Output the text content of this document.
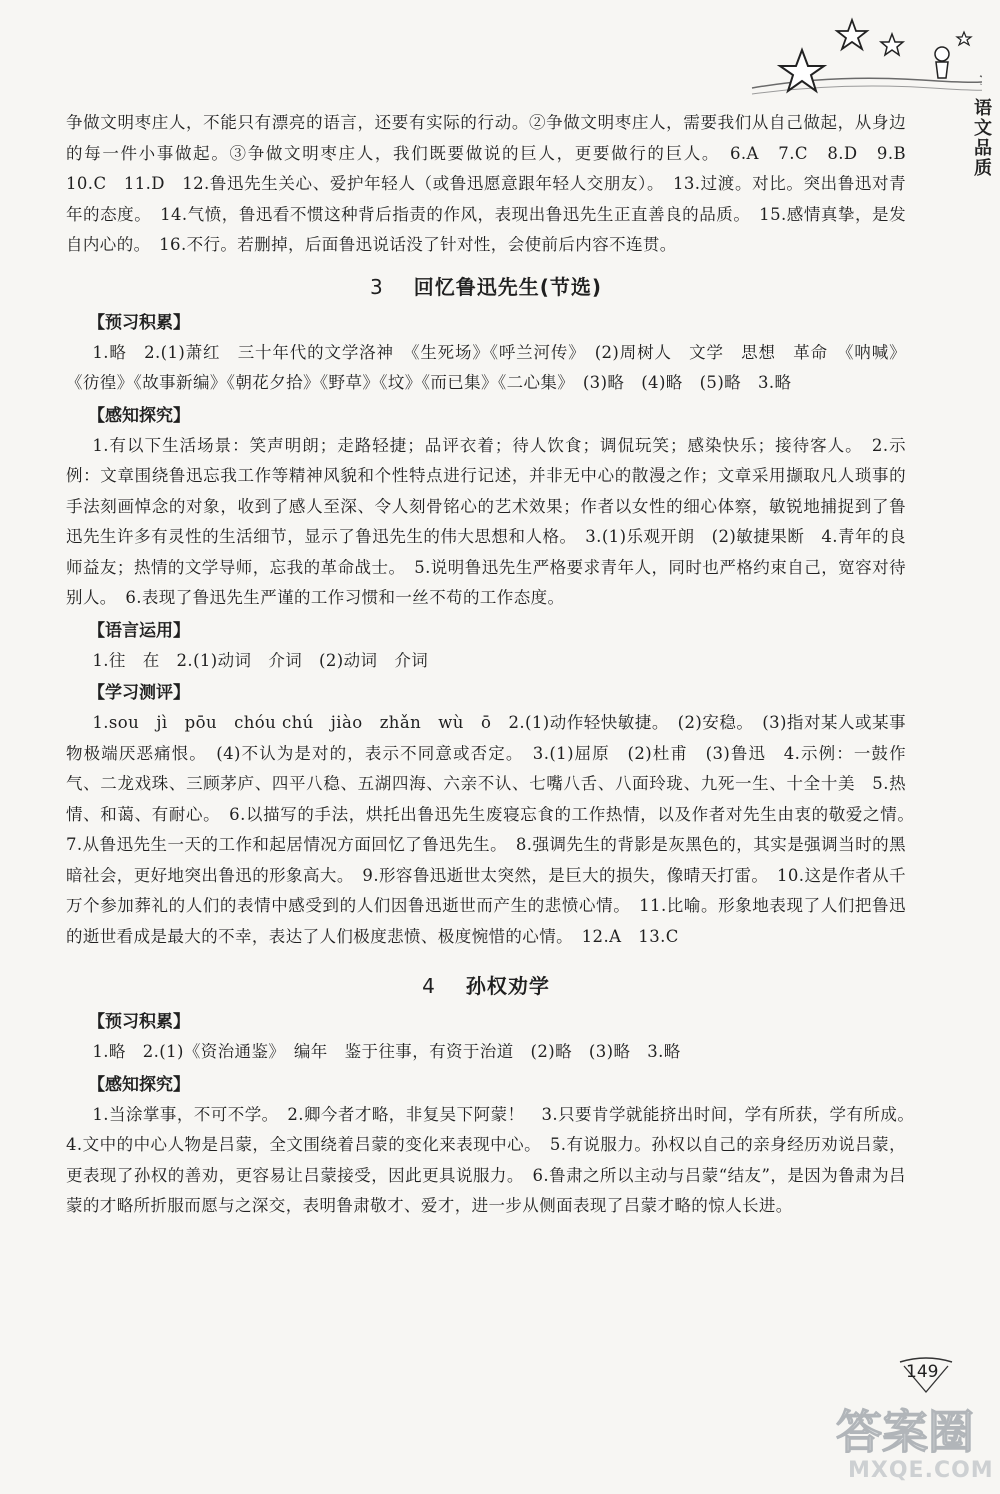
语文品质

争做文明枣庄人，不能只有漂亮的语言，还要有实际的行动。②争做文明枣庄人，需要我们从自己做起，从身边的每一件小事做起。③争做文明枣庄人，我们既要做说的巨人，更要做行的巨人。　6.A　7.C　8.D　9.B　10.C　11.D　12.鲁迅先生关心、爱护年轻人（或鲁迅愿意跟年轻人交朋友）。　13.过渡。对比。突出鲁迅对青年的态度。　14.气愤，鲁迅看不惯这种背后指责的作风，表现出鲁迅先生正直善良的品质。　15.感情真挚，是发自内心的。　16.不行。若删掉，后面鲁迅说话没了针对性，会使前后内容不连贯。

3 回忆鲁迅先生(节选)
【预习积累】

1.略　2.(1)萧红　三十年代的文学洛神　《生死场》《呼兰河传》　(2)周树人　文学　思想　革命　《呐喊》《彷徨》《故事新编》《朝花夕拾》《野草》《坟》《而已集》《二心集》　(3)略　(4)略　(5)略　3.略

【感知探究】

1.有以下生活场景：笑声明朗；走路轻捷；品评衣着；待人饮食；调侃玩笑；感染快乐；接待客人。　2.示例：文章围绕鲁迅忘我工作等精神风貌和个性特点进行记述，并非无中心的散漫之作；文章采用撷取凡人琐事的手法刻画悼念的对象，收到了感人至深、令人刻骨铭心的艺术效果；作者以女性的细心体察，敏锐地捕捉到了鲁迅先生许多有灵性的生活细节，显示了鲁迅先生的伟大思想和人格。　3.(1)乐观开朗　(2)敏捷果断　4.青年的良师益友；热情的文学导师，忘我的革命战士。　5.说明鲁迅先生严格要求青年人，同时也严格约束自己，宽容对待别人。　6.表现了鲁迅先生严谨的工作习惯和一丝不苟的工作态度。

【语言运用】

1.往　在　2.(1)动词　介词　(2)动词　介词

【学习测评】

1.sou　jì　pōu　chóu chú　jiào　zhǎn　wù　ō　2.(1)动作轻快敏捷。　(2)安稳。　(3)指对某人或某事物极端厌恶痛恨。　(4)不认为是对的，表示不同意或否定。　3.(1)屈原　(2)杜甫　(3)鲁迅　4.示例：一鼓作气、二龙戏珠、三顾茅庐、四平八稳、五湖四海、六亲不认、七嘴八舌、八面玲珑、九死一生、十全十美　5.热情、和蔼、有耐心。　6.以描写的手法，烘托出鲁迅先生废寝忘食的工作热情，以及作者对先生由衷的敬爱之情。　7.从鲁迅先生一天的工作和起居情况方面回忆了鲁迅先生。　8.强调先生的背影是灰黑色的，其实是强调当时的黑暗社会，更好地突出鲁迅的形象高大。　9.形容鲁迅逝世太突然，是巨大的损失，像晴天打雷。　10.这是作者从千万个参加葬礼的人们的表情中感受到的人们因鲁迅逝世而产生的悲愤心情。　11.比喻。形象地表现了人们把鲁迅的逝世看成是最大的不幸，表达了人们极度悲愤、极度惋惜的心情。　12.A　13.C

4 孙权劝学
【预习积累】

1.略　2.(1)《资治通鉴》　编年　鉴于往事，有资于治道　(2)略　(3)略　3.略

【感知探究】

1.当涂掌事，不可不学。　2.卿今者才略，非复吴下阿蒙！　3.只要肯学就能挤出时间，学有所获，学有所成。　4.文中的中心人物是吕蒙，全文围绕着吕蒙的变化来表现中心。　5.有说服力。孙权以自己的亲身经历劝说吕蒙，更表现了孙权的善劝，更容易让吕蒙接受，因此更具说服力。　6.鲁肃之所以主动与吕蒙“结友”，是因为鲁肃为吕蒙的才略所折服而愿与之深交，表明鲁肃敬才、爱才，进一步从侧面表现了吕蒙才略的惊人长进。

149
答案圈
MXQE.COM
